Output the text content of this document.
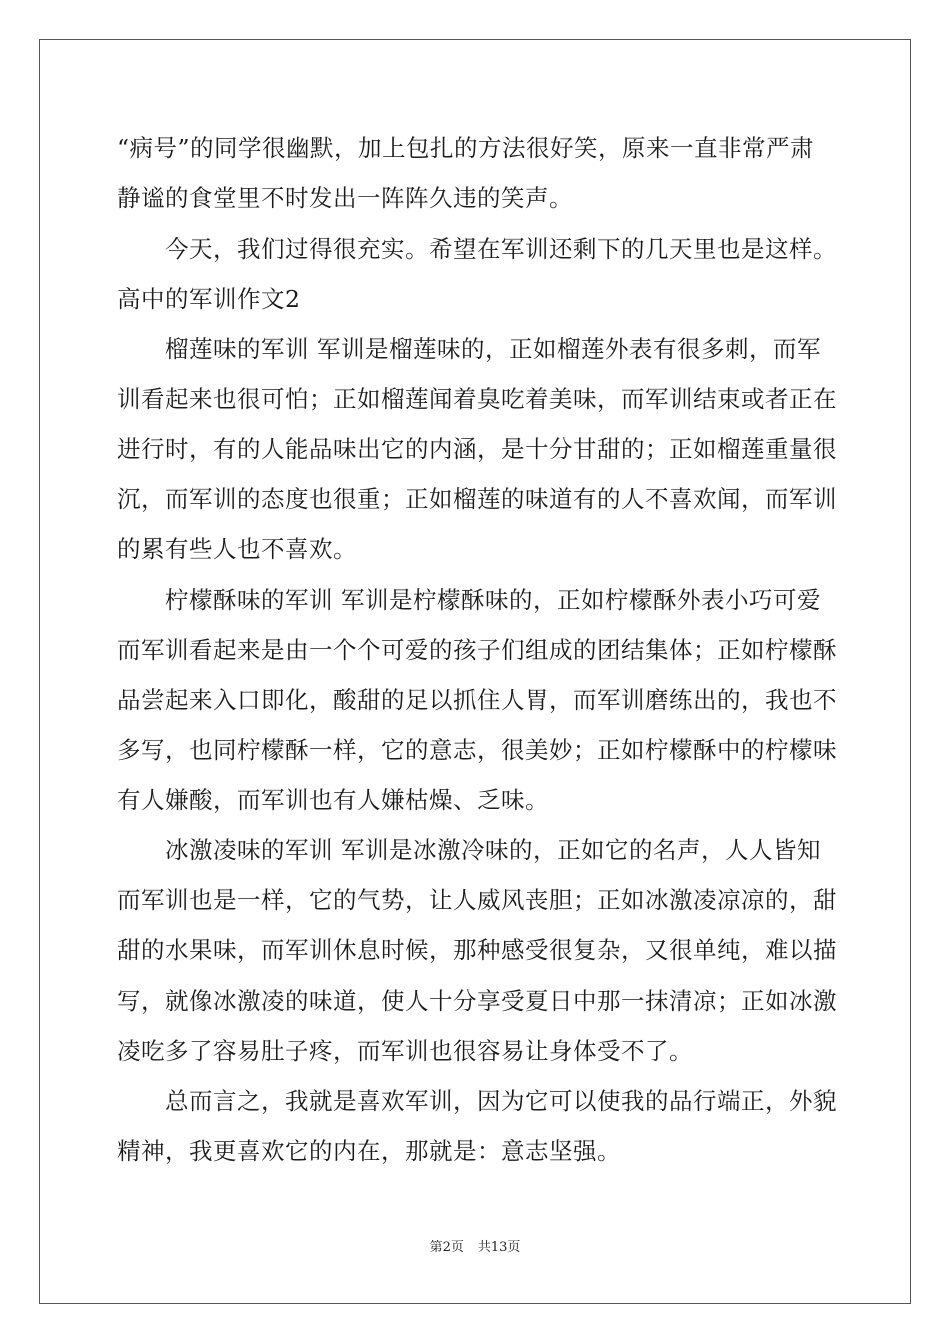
“病号”的同学很幽默，加上包扎的方法很好笑，原来一直非常严肃
静谧的食堂里不时发出一阵阵久违的笑声。
　　今天，我们过得很充实。希望在军训还剩下的几天里也是这样。
高中的军训作文2
　　榴莲味的军训 军训是榴莲味的，正如榴莲外表有很多刺，而军
训看起来也很可怕；正如榴莲闻着臭吃着美味，而军训结束或者正在
进行时，有的人能品味出它的内涵，是十分甘甜的；正如榴莲重量很
沉，而军训的态度也很重；正如榴莲的味道有的人不喜欢闻，而军训
的累有些人也不喜欢。
　　柠檬酥味的军训 军训是柠檬酥味的，正如柠檬酥外表小巧可爱
而军训看起来是由一个个可爱的孩子们组成的团结集体；正如柠檬酥
品尝起来入口即化，酸甜的足以抓住人胃，而军训磨练出的，我也不
多写，也同柠檬酥一样，它的意志，很美妙；正如柠檬酥中的柠檬味
有人嫌酸，而军训也有人嫌枯燥、乏味。
　　冰激凌味的军训 军训是冰激冷味的，正如它的名声，人人皆知
而军训也是一样，它的气势，让人威风丧胆；正如冰激凌凉凉的，甜
甜的水果味，而军训休息时候，那种感受很复杂，又很单纯，难以描
写，就像冰激凌的味道，使人十分享受夏日中那一抹清凉；正如冰激
凌吃多了容易肚子疼，而军训也很容易让身体受不了。
　　总而言之，我就是喜欢军训，因为它可以使我的品行端正，外貌
精神，我更喜欢它的内在，那就是：意志坚强。
第2页 共13页
